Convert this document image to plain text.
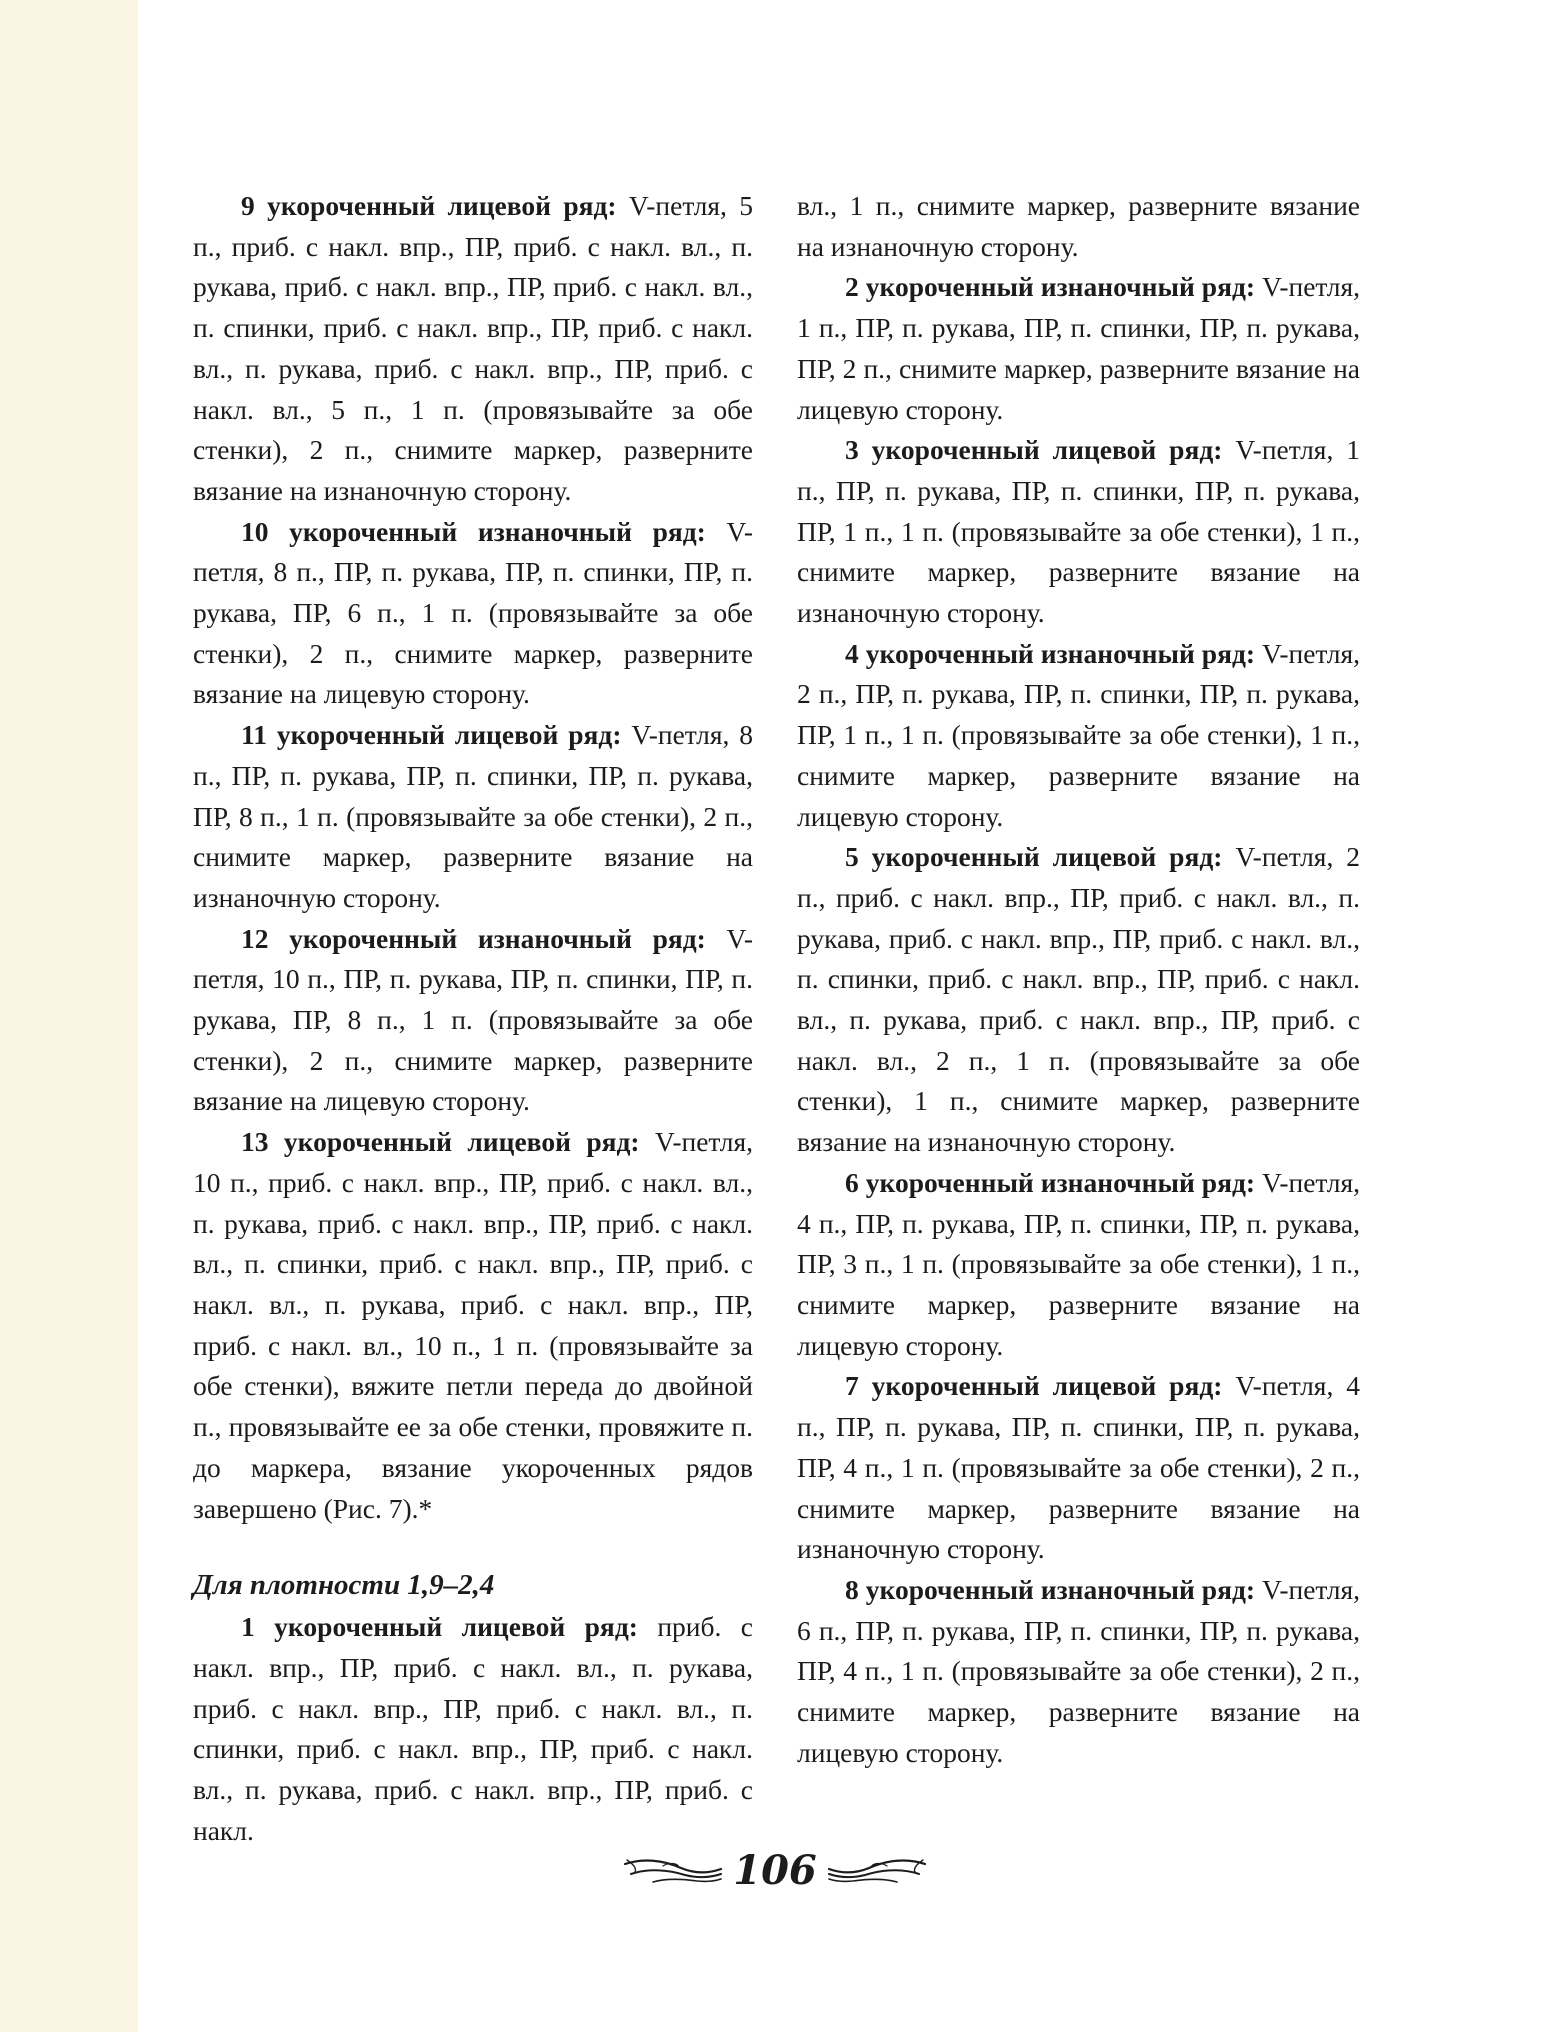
9 укороченный лицевой ряд: V-петля, 5 п., приб. с накл. впр., ПР, приб. с накл. вл., п. рукава, приб. с накл. впр., ПР, приб. с накл. вл., п. спинки, приб. с накл. впр., ПР, приб. с накл. вл., п. рукава, приб. с накл. впр., ПР, приб. с накл. вл., 5 п., 1 п. (провязывайте за обе стенки), 2 п., снимите маркер, разверните вязание на изнаночную сторону.

10 укороченный изнаночный ряд: V-петля, 8 п., ПР, п. рукава, ПР, п. спинки, ПР, п. рукава, ПР, 6 п., 1 п. (провязывайте за обе стенки), 2 п., снимите маркер, разверните вязание на лицевую сторону.

11 укороченный лицевой ряд: V-петля, 8 п., ПР, п. рукава, ПР, п. спинки, ПР, п. рукава, ПР, 8 п., 1 п. (провязывайте за обе стенки), 2 п., снимите маркер, разверните вязание на изнаночную сторону.

12 укороченный изнаночный ряд: V-петля, 10 п., ПР, п. рукава, ПР, п. спинки, ПР, п. рукава, ПР, 8 п., 1 п. (провязывайте за обе стенки), 2 п., снимите маркер, разверните вязание на лицевую сторону.

13 укороченный лицевой ряд: V-петля, 10 п., приб. с накл. впр., ПР, приб. с накл. вл., п. рукава, приб. с накл. впр., ПР, приб. с накл. вл., п. спинки, приб. с накл. впр., ПР, приб. с накл. вл., п. рукава, приб. с накл. впр., ПР, приб. с накл. вл., 10 п., 1 п. (провязывайте за обе стенки), вяжите петли переда до двойной п., провязывайте ее за обе стенки, провяжите п. до маркера, вязание укороченных рядов завершено (Рис. 7).*

Для плотности 1,9–2,4

1 укороченный лицевой ряд: приб. с накл. впр., ПР, приб. с накл. вл., п. рукава, приб. с накл. впр., ПР, приб. с накл. вл., п. спинки, приб. с накл. впр., ПР, приб. с накл. вл., п. рукава, приб. с накл. впр., ПР, приб. с накл.

вл., 1 п., снимите маркер, разверните вязание на изнаночную сторону.

2 укороченный изнаночный ряд: V-петля, 1 п., ПР, п. рукава, ПР, п. спинки, ПР, п. рукава, ПР, 2 п., снимите маркер, разверните вязание на лицевую сторону.

3 укороченный лицевой ряд: V-петля, 1 п., ПР, п. рукава, ПР, п. спинки, ПР, п. рукава, ПР, 1 п., 1 п. (провязывайте за обе стенки), 1 п., снимите маркер, разверните вязание на изнаночную сторону.

4 укороченный изнаночный ряд: V-петля, 2 п., ПР, п. рукава, ПР, п. спинки, ПР, п. рукава, ПР, 1 п., 1 п. (провязывайте за обе стенки), 1 п., снимите маркер, разверните вязание на лицевую сторону.

5 укороченный лицевой ряд: V-петля, 2 п., приб. с накл. впр., ПР, приб. с накл. вл., п. рукава, приб. с накл. впр., ПР, приб. с накл. вл., п. спинки, приб. с накл. впр., ПР, приб. с накл. вл., п. рукава, приб. с накл. впр., ПР, приб. с накл. вл., 2 п., 1 п. (провязывайте за обе стенки), 1 п., снимите маркер, разверните вязание на изнаночную сторону.

6 укороченный изнаночный ряд: V-петля, 4 п., ПР, п. рукава, ПР, п. спинки, ПР, п. рукава, ПР, 3 п., 1 п. (провязывайте за обе стенки), 1 п., снимите маркер, разверните вязание на лицевую сторону.

7 укороченный лицевой ряд: V-петля, 4 п., ПР, п. рукава, ПР, п. спинки, ПР, п. рукава, ПР, 4 п., 1 п. (провязывайте за обе стенки), 2 п., снимите маркер, разверните вязание на изнаночную сторону.

8 укороченный изнаночный ряд: V-петля, 6 п., ПР, п. рукава, ПР, п. спинки, ПР, п. рукава, ПР, 4 п., 1 п. (провязывайте за обе стенки), 2 п., снимите маркер, разверните вязание на лицевую сторону.

106
